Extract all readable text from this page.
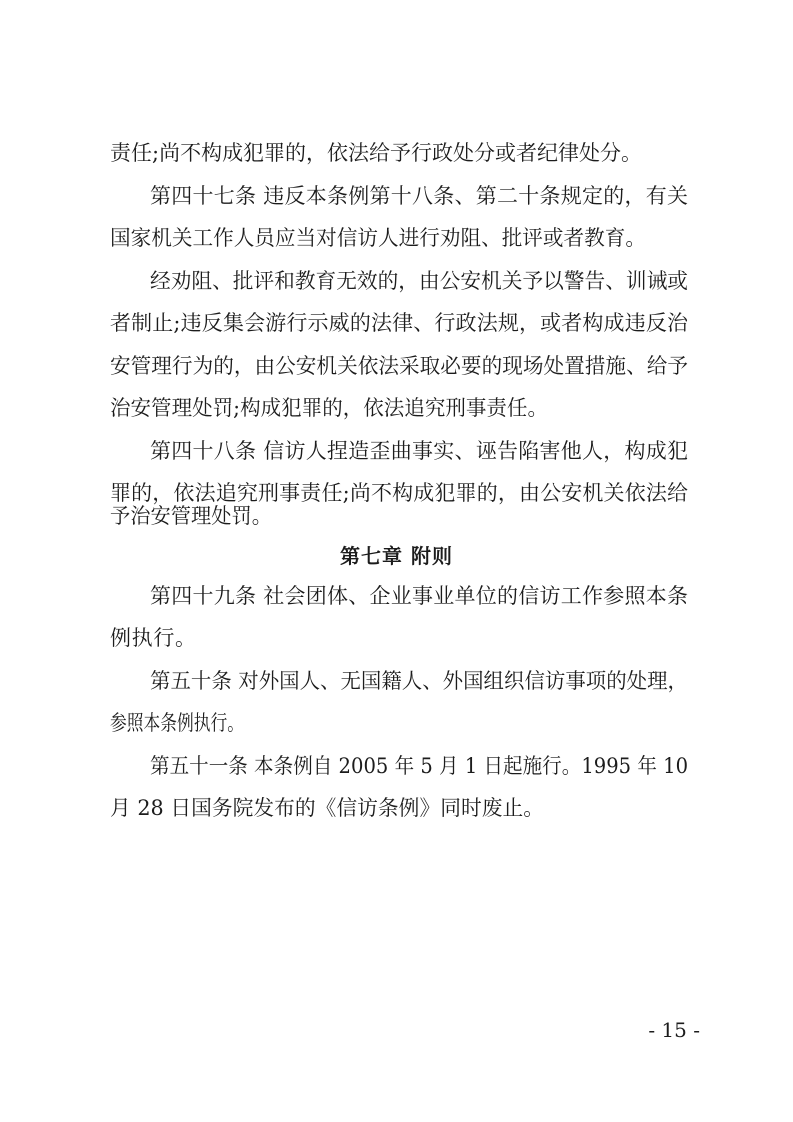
责任;尚不构成犯罪的，依法给予行政处分或者纪律处分。
第四十七条 违反本条例第十八条、第二十条规定的，有关
国家机关工作人员应当对信访人进行劝阻、批评或者教育。
经劝阻、批评和教育无效的，由公安机关予以警告、训诫或
者制止;违反集会游行示威的法律、行政法规，或者构成违反治
安管理行为的，由公安机关依法采取必要的现场处置措施、给予
治安管理处罚;构成犯罪的，依法追究刑事责任。
第四十八条 信访人捏造歪曲事实、诬告陷害他人，构成犯
罪的，依法追究刑事责任;尚不构成犯罪的，由公安机关依法给
予治安管理处罚。
第七章 附则
第四十九条 社会团体、企业事业单位的信访工作参照本条
例执行。
第五十条 对外国人、无国籍人、外国组织信访事项的处理，
参照本条例执行。
第五十一条 本条例自 2005 年 5 月 1 日起施行。1995 年 10
月 28 日国务院发布的《信访条例》同时废止。
- 15 -
